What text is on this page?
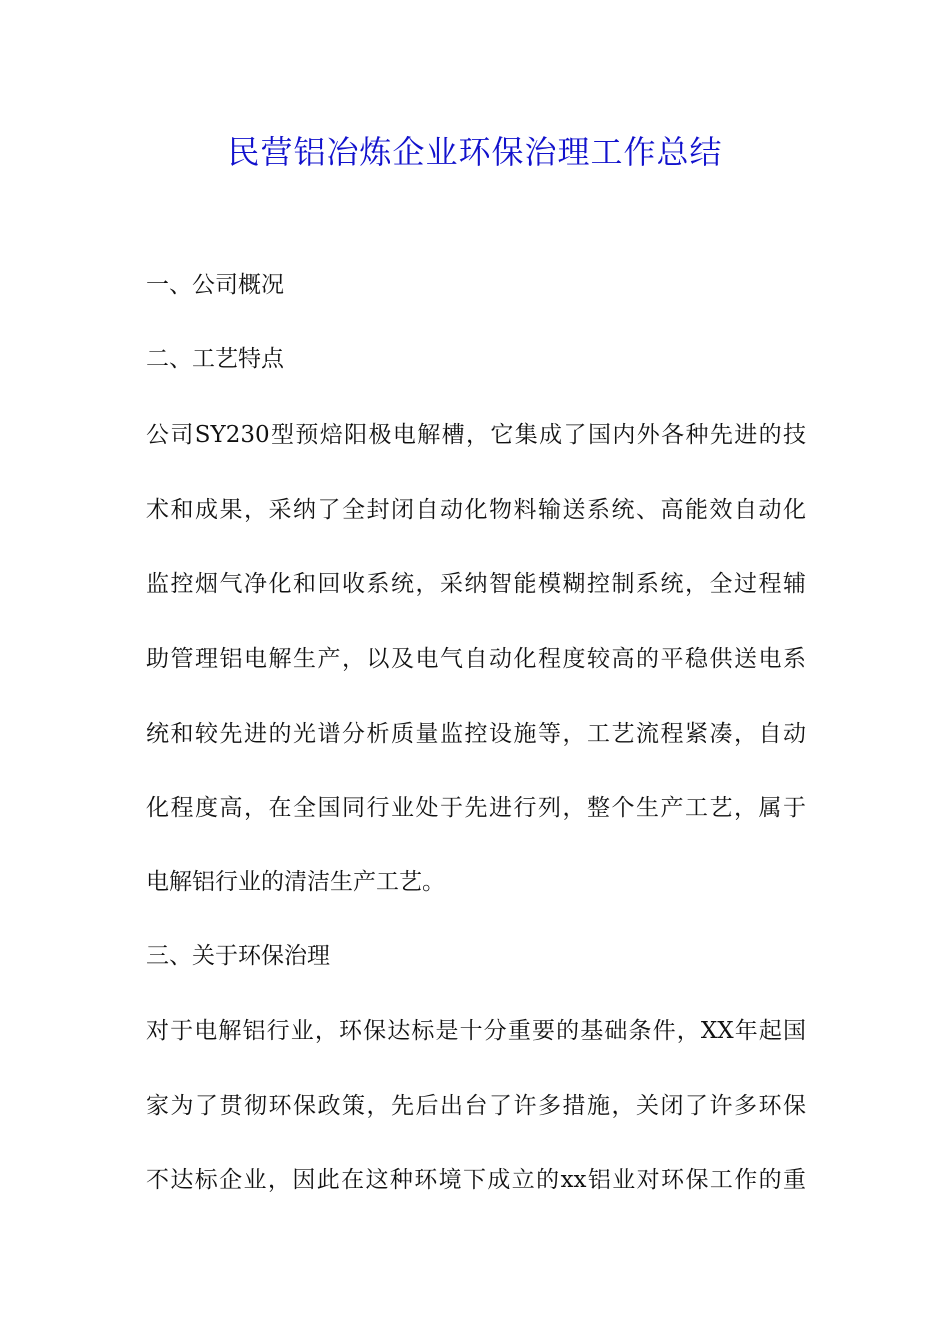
民营铝冶炼企业环保治理工作总结
一、公司概况
二、工艺特点
公司SY230型预焙阳极电解槽，它集成了国内外各种先进的技
术和成果，采纳了全封闭自动化物料输送系统、高能效自动化
监控烟气净化和回收系统，采纳智能模糊控制系统，全过程辅
助管理铝电解生产，以及电气自动化程度较高的平稳供送电系
统和较先进的光谱分析质量监控设施等，工艺流程紧凑，自动
化程度高，在全国同行业处于先进行列，整个生产工艺，属于
电解铝行业的清洁生产工艺。
三、关于环保治理
对于电解铝行业，环保达标是十分重要的基础条件，XX年起国
家为了贯彻环保政策，先后出台了许多措施，关闭了许多环保
不达标企业，因此在这种环境下成立的xx铝业对环保工作的重
